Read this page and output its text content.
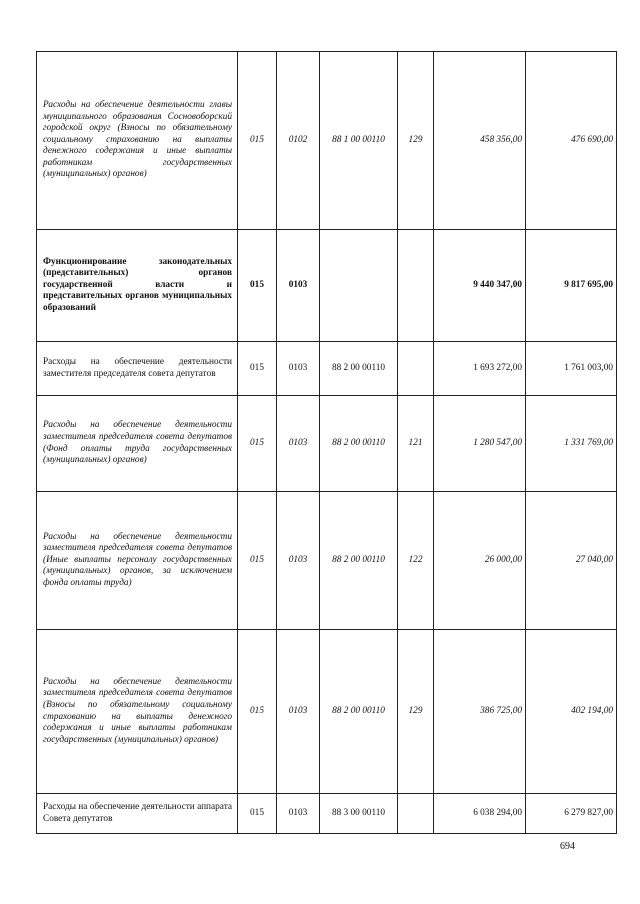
Расходы на обеспечение деятельности главы муниципального образования Сосновоборский городской округ (Взносы по обязательному социальному страхованию на выплаты денежного содержания и иные выплаты работникам государственных (муниципальных) органов)	015	0102	88 1 00 00110	129	458 356,00	476 690,00
Функционирование законодательных (представительных) органов государственной власти и представительных органов муниципальных образований	015	0103			9 440 347,00	9 817 695,00
Расходы на обеспечение деятельности заместителя председателя совета депутатов	015	0103	88 2 00 00110		1 693 272,00	1 761 003,00
Расходы на обеспечение деятельности заместителя председателя совета депутатов (Фонд оплаты труда государственных (муниципальных) органов)	015	0103	88 2 00 00110	121	1 280 547,00	1 331 769,00
Расходы на обеспечение деятельности заместителя председателя совета депутатов (Иные выплаты персоналу государственных (муниципальных) органов, за исключением фонда оплаты труда)	015	0103	88 2 00 00110	122	26 000,00	27 040,00
Расходы на обеспечение деятельности заместителя председателя совета депутатов (Взносы по обязательному социальному страхованию на выплаты денежного содержания и иные выплаты работникам государственных (муниципальных) органов)	015	0103	88 2 00 00110	129	386 725,00	402 194,00
Расходы на обеспечение деятельности аппарата Совета депутатов	015	0103	88 3 00 00110		6 038 294,00	6 279 827,00
694
